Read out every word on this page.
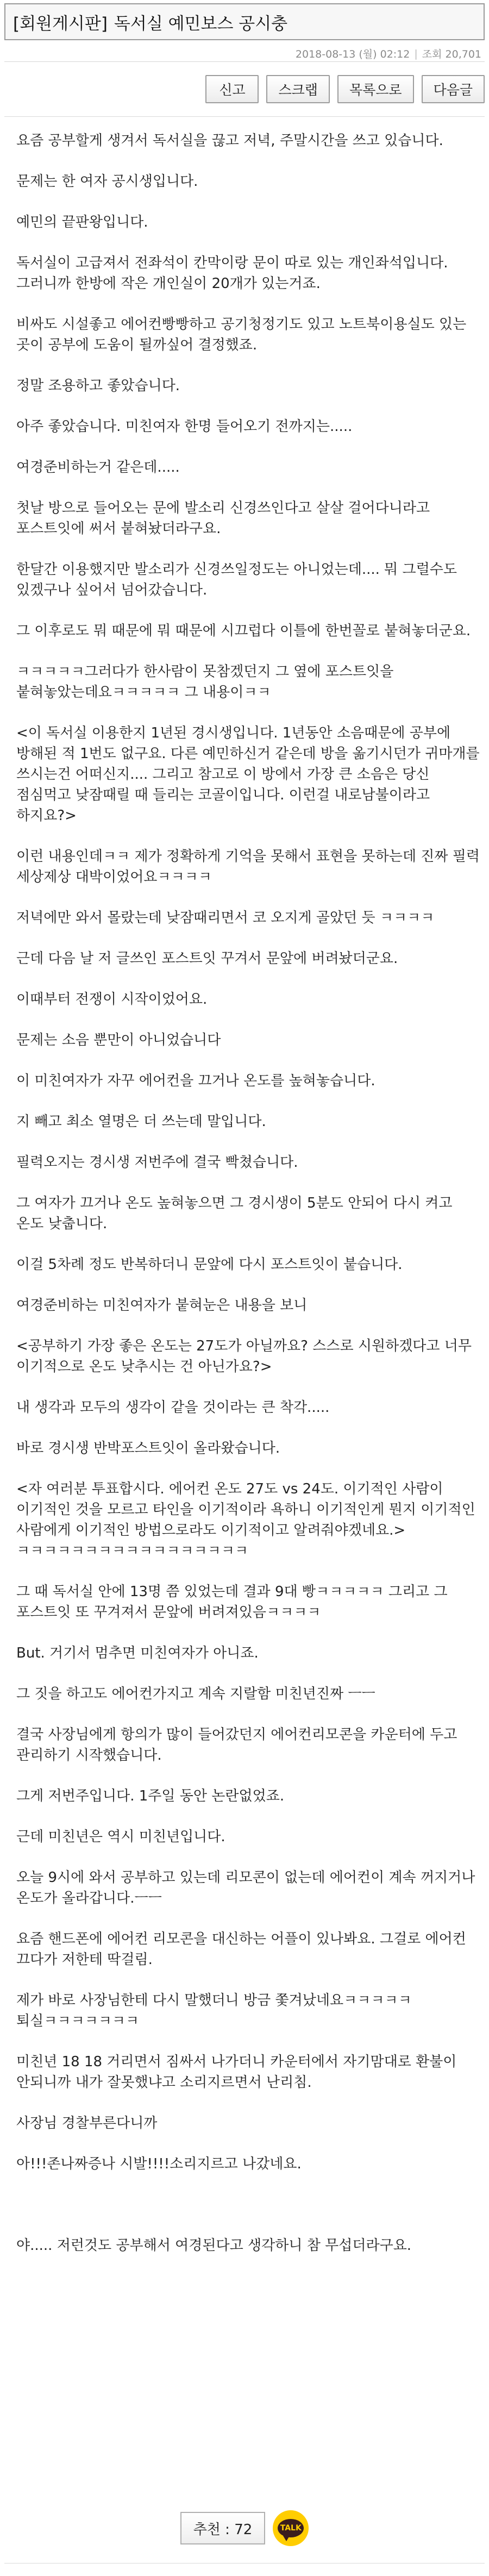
[회원게시판] 독서실 예민보스 공시충
2018-08-13 (월) 02:12 | 조회 20,701
신고	스크랩	목록으로	다음글

요즘 공부할게 생겨서 독서실을 끊고 저녁, 주말시간을 쓰고 있습니다.

문제는 한 여자 공시생입니다.

예민의 끝판왕입니다.

독서실이 고급져서 전좌석이 칸막이랑 문이 따로 있는 개인좌석입니다. 그러니까 한방에 작은 개인실이 20개가 있는거죠.

비싸도 시설좋고 에어컨빵빵하고 공기청정기도 있고 노트북이용실도 있는 곳이 공부에 도움이 될까싶어 결정했죠.

정말 조용하고 좋았습니다.

아주 좋았습니다. 미친여자 한명 들어오기 전까지는.....

여경준비하는거 같은데.....

첫날 방으로 들어오는 문에 발소리 신경쓰인다고 살살 걸어다니라고 포스트잇에 써서 붙혀놨더라구요.

한달간 이용했지만 발소리가 신경쓰일정도는 아니었는데.... 뭐 그럴수도 있겠구나 싶어서 넘어갔습니다.

그 이후로도 뭐 때문에 뭐 때문에 시끄럽다 이틀에 한번꼴로 붙혀놓더군요.

ㅋㅋㅋㅋㅋ그러다가 한사람이 못참겠던지 그 옆에 포스트잇을 붙혀놓았는데요ㅋㅋㅋㅋㅋ 그 내용이ㅋㅋ

<이 독서실 이용한지 1년된 경시생입니다. 1년동안 소음때문에 공부에 방해된 적 1번도 없구요. 다른 예민하신거 같은데 방을 옮기시던가 귀마개를 쓰시는건 어떠신지.... 그리고 참고로 이 방에서 가장 큰 소음은 당신 점심먹고 낮잠때릴 때 들리는 코골이입니다. 이런걸 내로남불이라고 하지요?>

이런 내용인데ㅋㅋ 제가 정확하게 기억을 못해서 표현을 못하는데 진짜 필력 세상제상 대박이었어요ㅋㅋㅋㅋ

저녁에만 와서 몰랐는데 낮잠때리면서 코 오지게 골았던 듯 ㅋㅋㅋㅋ

근데 다음 날 저 글쓰인 포스트잇 꾸겨서 문앞에 버려놨더군요.

이때부터 전쟁이 시작이었어요.

문제는 소음 뿐만이 아니었습니다

이 미친여자가 자꾸 에어컨을 끄거나 온도를 높혀놓습니다.

지 빼고 최소 열명은 더 쓰는데 말입니다.

필력오지는 경시생 저번주에 결국 빡쳤습니다.

그 여자가 끄거나 온도 높혀놓으면 그 경시생이 5분도 안되어 다시 켜고 온도 낮춥니다.

이걸 5차례 정도 반복하더니 문앞에 다시 포스트잇이 붙습니다.

여경준비하는 미친여자가 붙혀눈은 내용을 보니

<공부하기 가장 좋은 온도는 27도가 아닐까요? 스스로 시원하겠다고 너무 이기적으로 온도 낮추시는 건 아닌가요?>

내 생각과 모두의 생각이 같을 것이라는 큰 착각.....

바로 경시생 반박포스트잇이 올라왔습니다.

<자 여러분 투표합시다. 에어컨 온도 27도 vs 24도. 이기적인 사람이 이기적인 것을 모르고 타인을 이기적이라 욕하니 이기적인게 뭔지 이기적인 사람에게 이기적인 방법으로라도 이기적이고 알려줘야겠네요.>
ㅋㅋㅋㅋㅋㅋㅋㅋㅋㅋㅋㅋㅋㅋㅋㅋㅋ

그 때 독서실 안에 13명 쯤 있었는데 결과 9대 빵ㅋㅋㅋㅋㅋ 그리고 그 포스트잇 또 꾸겨져서 문앞에 버려져있음ㅋㅋㅋㅋ

But. 거기서 멈추면 미친여자가 아니죠.

그 짓을 하고도 에어컨가지고 계속 지랄함 미친년진짜 ㅡㅡ

결국 사장님에게 항의가 많이 들어갔던지 에어컨리모콘을 카운터에 두고 관리하기 시작했습니다.

그게 저번주입니다. 1주일 동안 논란없었죠.

근데 미친년은 역시 미친년입니다.

오늘 9시에 와서 공부하고 있는데 리모콘이 없는데 에어컨이 계속 꺼지거나 온도가 올라갑니다.ㅡㅡ

요즘 핸드폰에 에어컨 리모콘을 대신하는 어플이 있나봐요. 그걸로 에어컨 끄다가 저한테 딱걸림.

제가 바로 사장님한테 다시 말했더니 방금 쫓겨났네요ㅋㅋㅋㅋㅋ 퇴실ㅋㅋㅋㅋㅋㅋㅋ

미친년 18 18 거리면서 짐싸서 나가더니 카운터에서 자기맘대로 환불이 안되니까 내가 잘못했냐고 소리지르면서 난리침.

사장님 경찰부른다니까

아!!!존나짜증나 시발!!!!소리지르고 나갔네요.

야..... 저런것도 공부해서 여경된다고 생각하니 참 무섭더라구요.

추천 : 72	TALK
